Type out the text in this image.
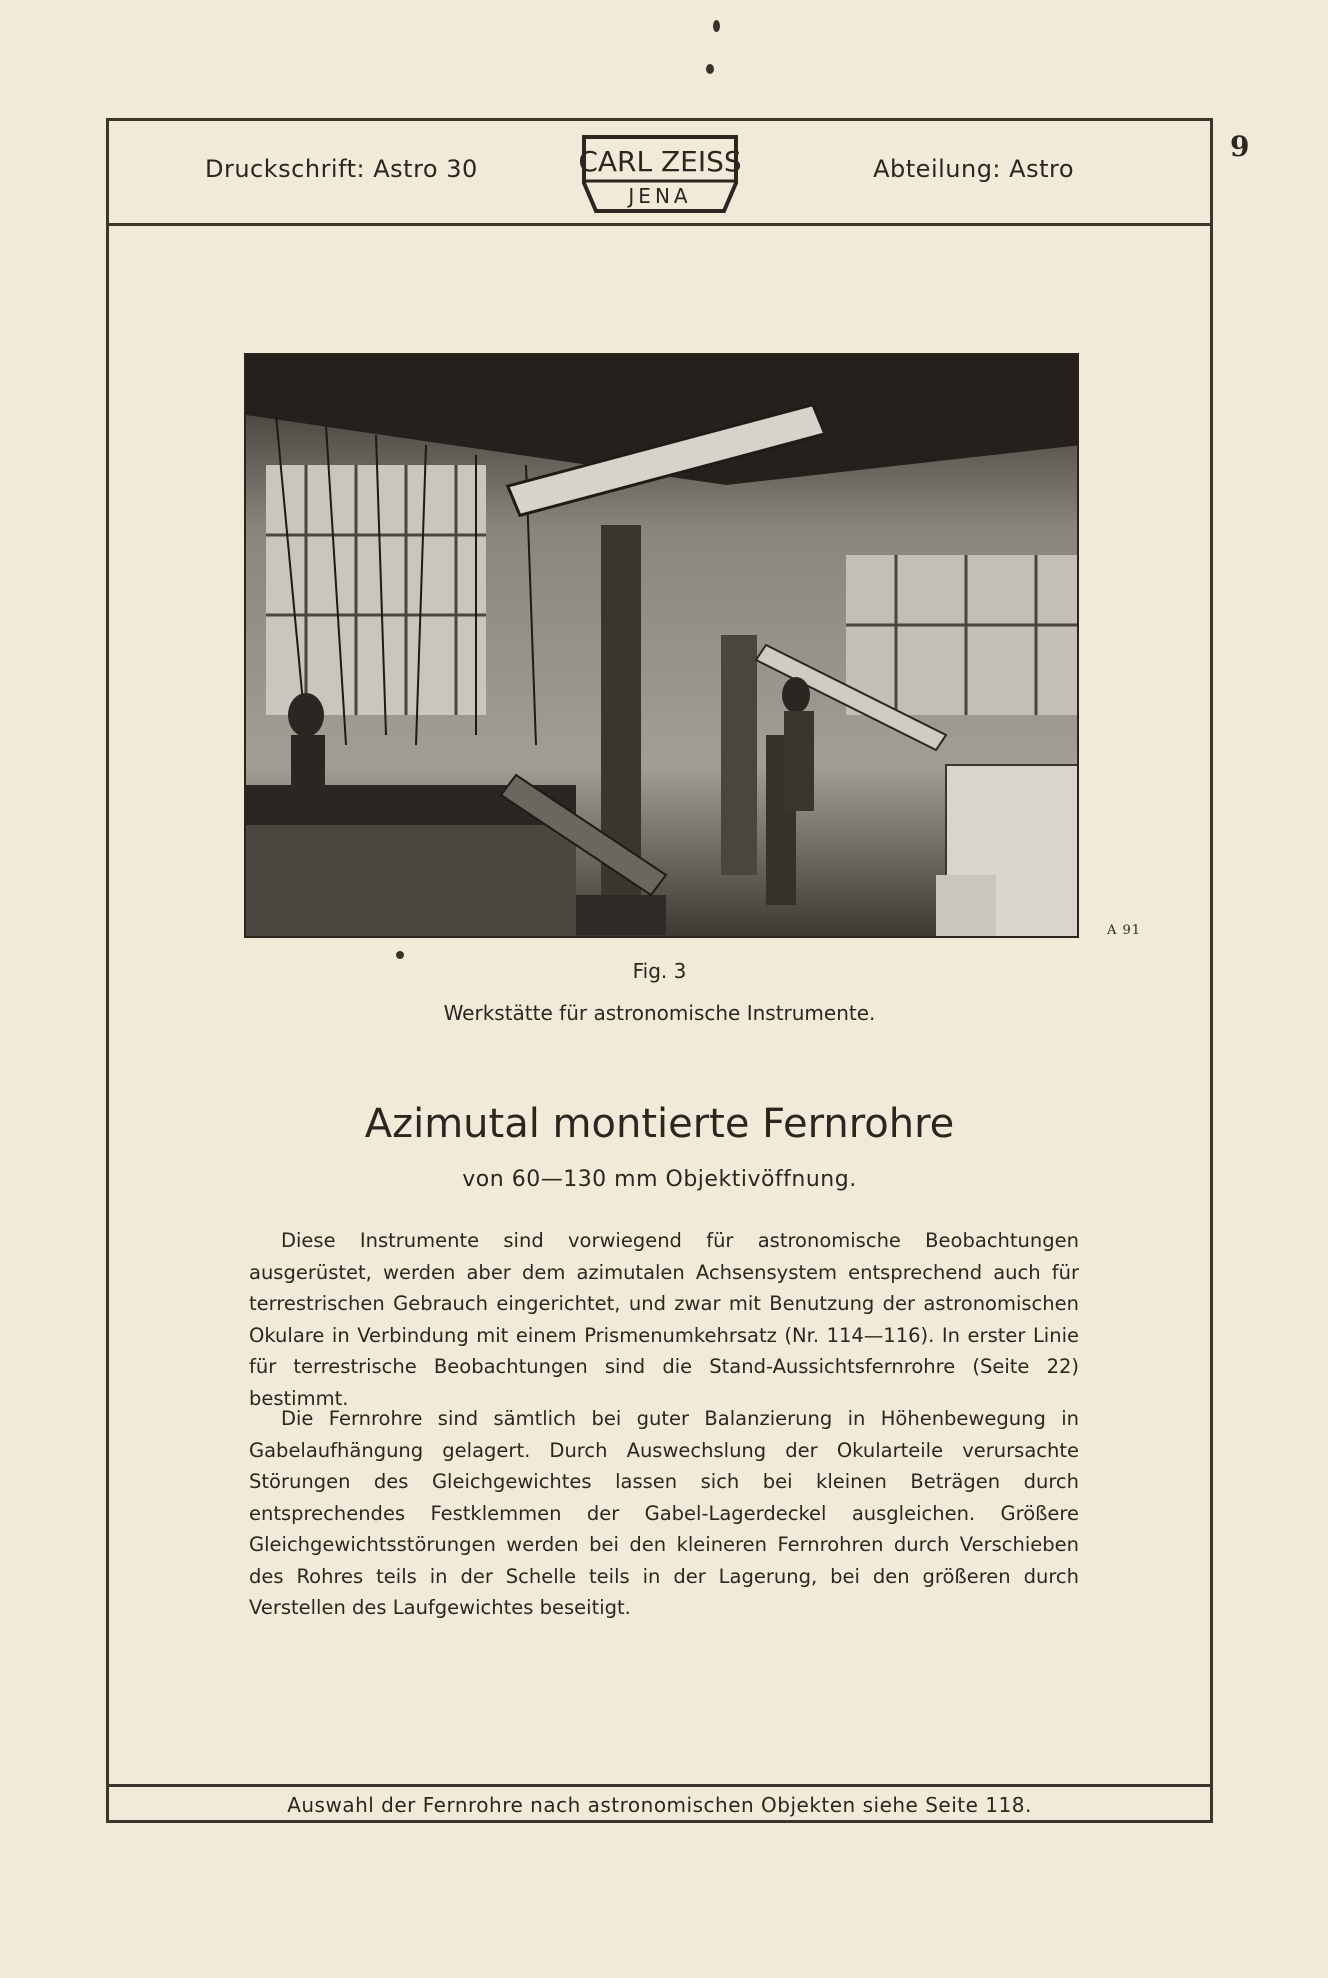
9
Druckschrift: Astro 30	CARL ZEISS
JENA
Abteilung: Astro
A 91
Fig. 3
Werkstätte für astronomische Instrumente.
Azimutal montierte Fernrohre
von 60—130 mm Objektivöffnung.

Diese Instrumente sind vorwiegend für astronomische Beobachtungen ausgerüstet, werden aber dem azimutalen Achsensystem entsprechend auch für terrestrischen Gebrauch eingerichtet, und zwar mit Benutzung der astronomischen Okulare in Verbindung mit einem Prismenumkehrsatz (Nr. 114—116). In erster Linie für terrestrische Beobachtungen sind die Stand-Aussichtsfernrohre (Seite 22) bestimmt.

Die Fernrohre sind sämtlich bei guter Balanzierung in Höhenbewegung in Gabelaufhängung gelagert. Durch Auswechslung der Okularteile verursachte Störungen des Gleichgewichtes lassen sich bei kleinen Beträgen durch entsprechendes Festklemmen der Gabel-Lagerdeckel ausgleichen. Größere Gleichgewichtsstörungen werden bei den kleineren Fernrohren durch Verschieben des Rohres teils in der Schelle teils in der Lagerung, bei den größeren durch Verstellen des Laufgewichtes beseitigt.

Auswahl der Fernrohre nach astronomischen Objekten siehe Seite 118.
